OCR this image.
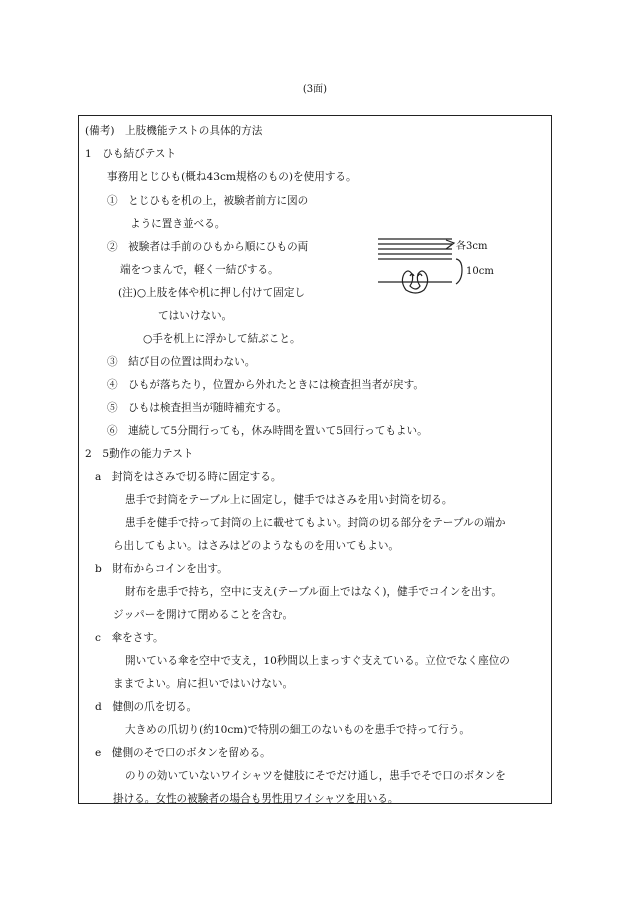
(3面)
(備考)　上肢機能テストの具体的方法
1　ひも結びテスト
事務用とじひも(概ね43cm規格のもの)を使用する。
①　とじひもを机の上，被験者前方に図の
ように置き並べる。
②　被験者は手前のひもから順にひもの両
端をつまんで，軽く一結びする。
(注)○上肢を体や机に押し付けて固定し
てはいけない。
○手を机上に浮かして結ぶこと。
③　結び目の位置は問わない。
④　ひもが落ちたり，位置から外れたときには検査担当者が戻す。
⑤　ひもは検査担当が随時補充する。
⑥　連続して5分間行っても，休み時間を置いて5回行ってもよい。
各3cm
10cm
2　5動作の能力テスト
a　封筒をはさみで切る時に固定する。
患手で封筒をテーブル上に固定し，健手ではさみを用い封筒を切る。
患手を健手で持って封筒の上に載せてもよい。封筒の切る部分をテーブルの端か
ら出してもよい。はさみはどのようなものを用いてもよい。
b　財布からコインを出す。
財布を患手で持ち，空中に支え(テーブル面上ではなく)，健手でコインを出す。
ジッパーを開けて閉めることを含む。
c　傘をさす。
開いている傘を空中で支え，10秒間以上まっすぐ支えている。立位でなく座位の
ままでよい。肩に担いではいけない。
d　健側の爪を切る。
大きめの爪切り(約10cm)で特別の細工のないものを患手で持って行う。
e　健側のそで口のボタンを留める。
のりの効いていないワイシャツを健肢にそでだけ通し，患手でそで口のボタンを
掛ける。女性の被験者の場合も男性用ワイシャツを用いる。
